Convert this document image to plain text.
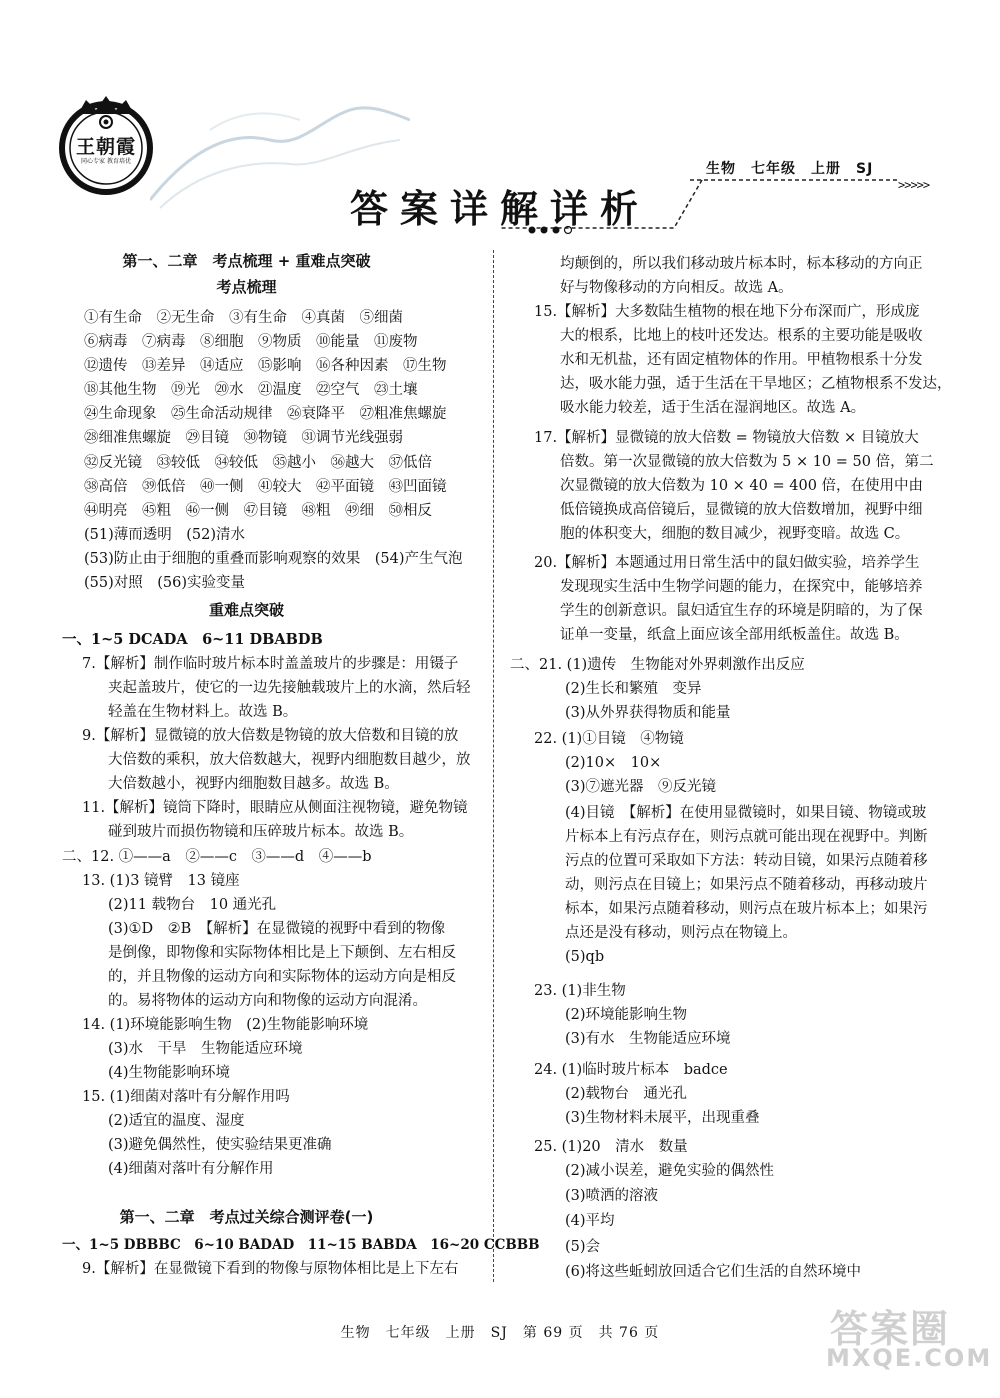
王朝霞
同心专家 教育培优	生物　七年级　上册　SJ
>>>>>
答案详解详析
第一、二章　考点梳理 + 重难点突破
考点梳理
①有生命　②无生命　③有生命　④真菌　⑤细菌
⑥病毒　⑦病毒　⑧细胞　⑨物质　⑩能量　⑪废物
⑫遗传　⑬差异　⑭适应　⑮影响　⑯各种因素　⑰生物
⑱其他生物　⑲光　⑳水　㉑温度　㉒空气　㉓土壤
㉔生命现象　㉕生命活动规律　㉖衰降平　㉗粗准焦螺旋
㉘细准焦螺旋　㉙目镜　㉚物镜　㉛调节光线强弱
㉜反光镜　㉝较低　㉞较低　㉟越小　㊱越大　㊲低倍
㊳高倍　㊴低倍　㊵一侧　㊶较大　㊷平面镜　㊸凹面镜
㊹明亮　㊺粗　㊻一侧　㊼目镜　㊽粗　㊾细　㊿相反
(51)薄而透明　(52)清水
(53)防止由于细胞的重叠而影响观察的效果　(54)产生气泡
(55)对照　(56)实验变量
重难点突破
一、1~5 DCADA　6~11 DBABDB
7.【解析】制作临时玻片标本时盖盖玻片的步骤是：用镊子
夹起盖玻片，使它的一边先接触载玻片上的水滴，然后轻
轻盖在生物材料上。故选 B。
9.【解析】显微镜的放大倍数是物镜的放大倍数和目镜的放
大倍数的乘积，放大倍数越大，视野内细胞数目越少，放
大倍数越小，视野内细胞数目越多。故选 B。
11.【解析】镜筒下降时，眼睛应从侧面注视物镜，避免物镜
碰到玻片而损伤物镜和压碎玻片标本。故选 B。
二、12. ①——a　②——c　③——d　④——b
13. (1)3 镜臂　13 镜座
(2)11 载物台　10 通光孔
(3)①D　②B　【解析】在显微镜的视野中看到的物像
是倒像，即物像和实际物体相比是上下颠倒、左右相反
的，并且物像的运动方向和实际物体的运动方向是相反
的。易将物体的运动方向和物像的运动方向混淆。
14. (1)环境能影响生物　(2)生物能影响环境
(3)水　干旱　生物能适应环境
(4)生物能影响环境
15. (1)细菌对落叶有分解作用吗
(2)适宜的温度、湿度
(3)避免偶然性，使实验结果更准确
(4)细菌对落叶有分解作用
第一、二章　考点过关综合测评卷(一)
一、1~5 DBBBC　6~10 BADAD　11~15 BABDA　16~20 CCBBB
9.【解析】在显微镜下看到的物像与原物体相比是上下左右
均颠倒的，所以我们移动玻片标本时，标本移动的方向正
好与物像移动的方向相反。故选 A。
15.【解析】大多数陆生植物的根在地下分布深而广，形成庞
大的根系，比地上的枝叶还发达。根系的主要功能是吸收
水和无机盐，还有固定植物体的作用。甲植物根系十分发
达，吸水能力强，适于生活在干旱地区；乙植物根系不发达，
吸水能力较差，适于生活在湿润地区。故选 A。
17.【解析】显微镜的放大倍数 = 物镜放大倍数 × 目镜放大
倍数。第一次显微镜的放大倍数为 5 × 10 = 50 倍，第二
次显微镜的放大倍数为 10 × 40 = 400 倍，在使用中由
低倍镜换成高倍镜后，显微镜的放大倍数增加，视野中细
胞的体积变大，细胞的数目减少，视野变暗。故选 C。
20.【解析】本题通过用日常生活中的鼠妇做实验，培养学生
发现现实生活中生物学问题的能力，在探究中，能够培养
学生的创新意识。鼠妇适宜生存的环境是阴暗的，为了保
证单一变量，纸盒上面应该全部用纸板盖住。故选 B。
二、21. (1)遗传　生物能对外界刺激作出反应
(2)生长和繁殖　变异
(3)从外界获得物质和能量
22. (1)①目镜　④物镜
(2)10×　10×
(3)⑦遮光器　⑨反光镜
(4)目镜　【解析】在使用显微镜时，如果目镜、物镜或玻
片标本上有污点存在，则污点就可能出现在视野中。判断
污点的位置可采取如下方法：转动目镜，如果污点随着移
动，则污点在目镜上；如果污点不随着移动，再移动玻片
标本，如果污点随着移动，则污点在玻片标本上；如果污
点还是没有移动，则污点在物镜上。
(5)qb
23. (1)非生物
(2)环境能影响生物
(3)有水　生物能适应环境
24. (1)临时玻片标本　badce
(2)载物台　通光孔
(3)生物材料未展平，出现重叠
25. (1)20　清水　数量
(2)减小误差，避免实验的偶然性
(3)喷洒的溶液
(4)平均
(5)会
(6)将这些蚯蚓放回适合它们生活的自然环境中
生物　七年级　上册　SJ　第 69 页　共 76 页	答案圈
MXQE.COM
